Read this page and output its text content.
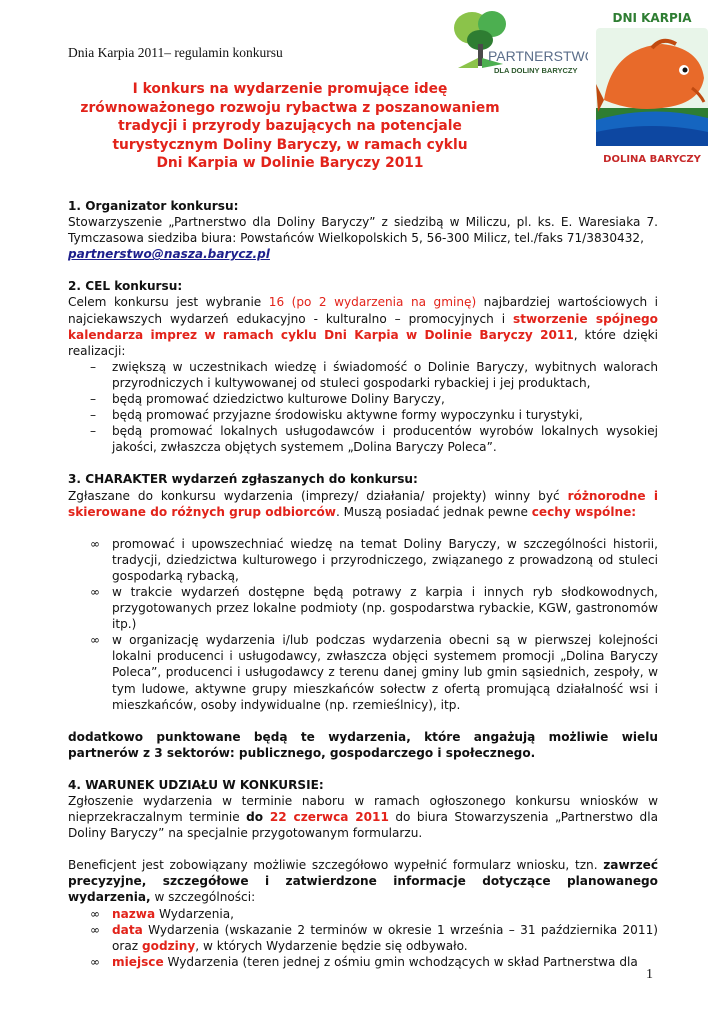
Dnia Karpia 2011– regulamin konkursu	PARTNERSTWO
DLA DOLINY BARYCZY
DNI KARPIA
DOLINA BARYCZY
I konkurs na wydarzenie promujące ideę
zrównoważonego rozwoju rybactwa z poszanowaniem
tradycji i przyrody bazujących na potencjale
turystycznym Doliny Baryczy, w ramach cyklu
Dni Karpia w Dolinie Baryczy 2011

1. Organizator konkursu:

Stowarzyszenie „Partnerstwo dla Doliny Baryczy” z siedzibą w Miliczu, pl. ks. E. Waresiaka 7. Tymczasowa siedziba biura: Powstańców Wielkopolskich 5, 56-300 Milicz, tel./faks 71/3830432,

partnerstwo@nasza.barycz.pl

2. CEL konkursu:

Celem konkursu jest wybranie 16 (po 2 wydarzenia na gminę) najbardziej wartościowych i najciekawszych wydarzeń edukacyjno - kulturalno – promocyjnych i stworzenie spójnego kalendarza imprez w ramach cyklu Dni Karpia w Dolinie Baryczy 2011, które dzięki realizacji:

– zwiększą w uczestnikach wiedzę i świadomość o Dolinie Baryczy, wybitnych walorach przyrodniczych i kultywowanej od stuleci gospodarki rybackiej i jej produktach,
– będą promować dziedzictwo kulturowe Doliny Baryczy,
– będą promować przyjazne środowisku aktywne formy wypoczynku i turystyki,
– będą promować lokalnych usługodawców i producentów wyrobów lokalnych wysokiej jakości, zwłaszcza objętych systemem „Dolina Baryczy Poleca”.

3. CHARAKTER wydarzeń zgłaszanych do konkursu:

Zgłaszane do konkursu wydarzenia (imprezy/ działania/ projekty) winny być różnorodne i skierowane do różnych grup odbiorców. Muszą posiadać jednak pewne cechy wspólne:

∞ promować i upowszechniać wiedzę na temat Doliny Baryczy, w szczególności historii, tradycji, dziedzictwa kulturowego i przyrodniczego, związanego z prowadzoną od stuleci gospodarką rybacką,
∞ w trakcie wydarzeń dostępne będą potrawy z karpia i innych ryb słodkowodnych, przygotowanych przez lokalne podmioty (np. gospodarstwa rybackie, KGW, gastronomów itp.)
∞ w organizację wydarzenia i/lub podczas wydarzenia obecni są w pierwszej kolejności lokalni producenci i usługodawcy, zwłaszcza objęci systemem promocji „Dolina Baryczy Poleca”, producenci i usługodawcy z terenu danej gminy lub gmin sąsiednich, zespoły, w tym ludowe, aktywne grupy mieszkańców sołectw z ofertą promującą działalność wsi i mieszkańców, osoby indywidualne (np. rzemieślnicy), itp.

dodatkowo punktowane będą te wydarzenia, które angażują możliwie wielu partnerów z 3 sektorów: publicznego, gospodarczego i społecznego.

4. WARUNEK UDZIAŁU W KONKURSIE:

Zgłoszenie wydarzenia w terminie naboru w ramach ogłoszonego konkursu wniosków w nieprzekraczalnym terminie do 22 czerwca 2011 do biura Stowarzyszenia „Partnerstwo dla Doliny Baryczy” na specjalnie przygotowanym formularzu.

Beneficjent jest zobowiązany możliwie szczegółowo wypełnić formularz wniosku, tzn. zawrzeć precyzyjne, szczegółowe i zatwierdzone informacje dotyczące planowanego wydarzenia, w szczególności:

∞ nazwa Wydarzenia,
∞ data Wydarzenia (wskazanie 2 terminów w okresie 1 września – 31 października 2011) oraz godziny, w których Wydarzenie będzie się odbywało.
∞ miejsce Wydarzenia (teren jednej z ośmiu gmin wchodzących w skład Partnerstwa dla
1
